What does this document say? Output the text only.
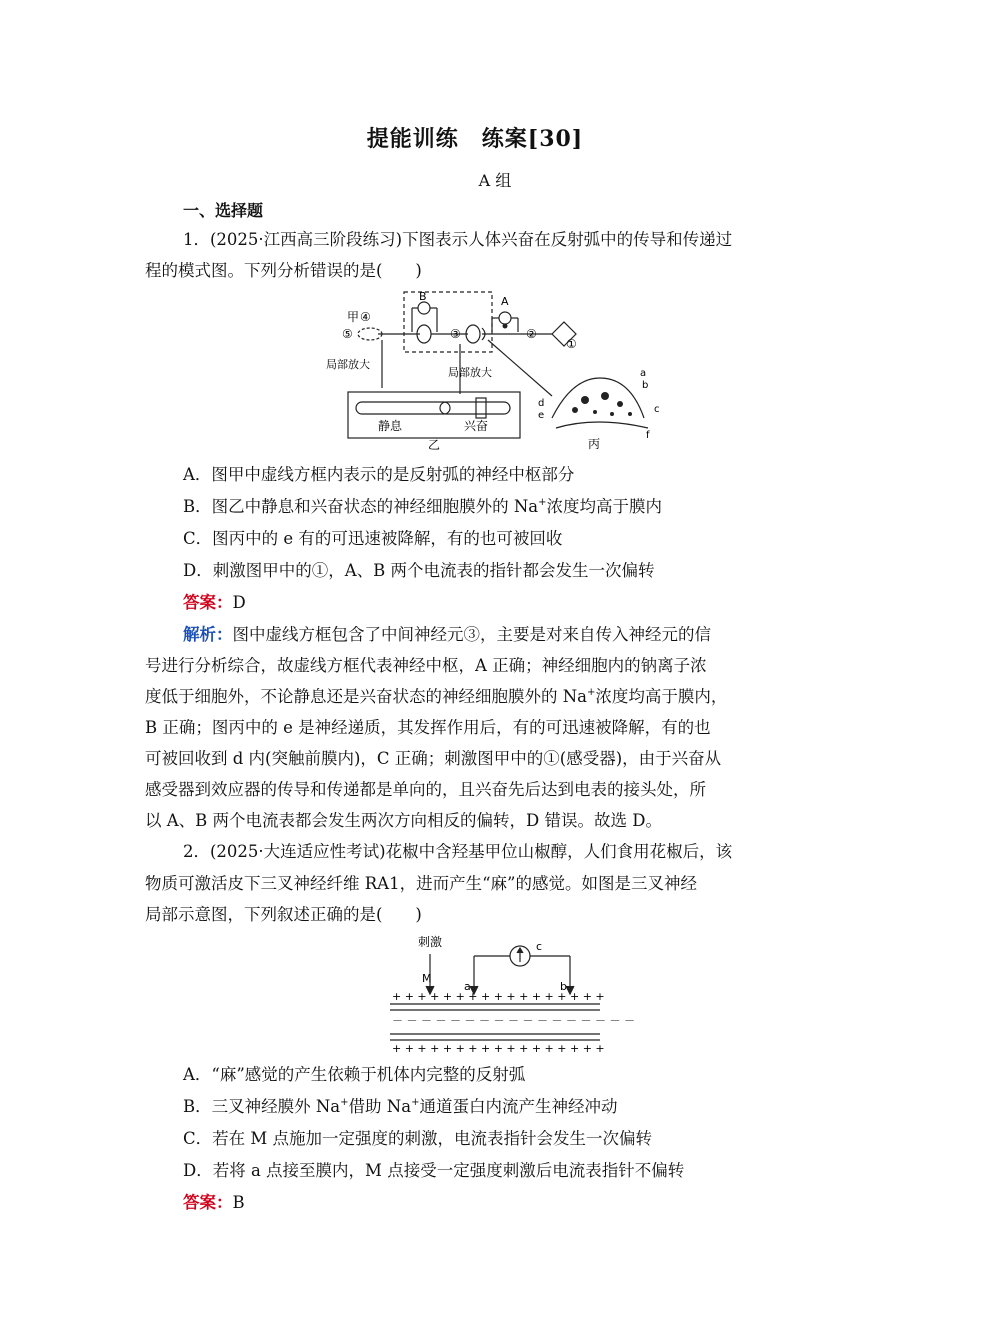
提能训练　练案[30]
A 组
一、选择题
1．(2025·江西高三阶段练习)下图表示人体兴奋在反射弧中的传导和传递过
程的模式图。下列分析错误的是(　　)
甲 ④
⑤	③	②
①
B	A
局部放大
局部放大
静息	兴奋
乙	丙
a
b
c
d
e
f
A．图甲中虚线方框内表示的是反射弧的神经中枢部分
B．图乙中静息和兴奋状态的神经细胞膜外的 Na+浓度均高于膜内
C．图丙中的 e 有的可迅速被降解，有的也可被回收
D．刺激图甲中的①，A、B 两个电流表的指针都会发生一次偏转
答案：D
解析：图中虚线方框包含了中间神经元③，主要是对来自传入神经元的信
号进行分析综合，故虚线方框代表神经中枢，A 正确；神经细胞内的钠离子浓
度低于细胞外，不论静息还是兴奋状态的神经细胞膜外的 Na+浓度均高于膜内，
B 正确；图丙中的 e 是神经递质，其发挥作用后，有的可迅速被降解，有的也
可被回收到 d 内(突触前膜内)，C 正确；刺激图甲中的①(感受器)，由于兴奋从
感受器到效应器的传导和传递都是单向的，且兴奋先后达到电表的接头处，所
以 A、B 两个电流表都会发生两次方向相反的偏转，D 错误。故选 D。
2．(2025·大连适应性考试)花椒中含羟基甲位山椒醇，人们食用花椒后，该
物质可激活皮下三叉神经纤维 RA1，进而产生“麻”的感觉。如图是三叉神经
局部示意图，下列叙述正确的是(　　)
刺激
M
a	b
c
+ + + + + + + + + + + + + + + + +
－ － － － － － － － － － － － － － － － －
+ + + + + + + + + + + + + + + + +
A．“麻”感觉的产生依赖于机体内完整的反射弧
B．三叉神经膜外 Na+借助 Na+通道蛋白内流产生神经冲动
C．若在 M 点施加一定强度的刺激，电流表指针会发生一次偏转
D．若将 a 点接至膜内，M 点接受一定强度刺激后电流表指针不偏转
答案：B
